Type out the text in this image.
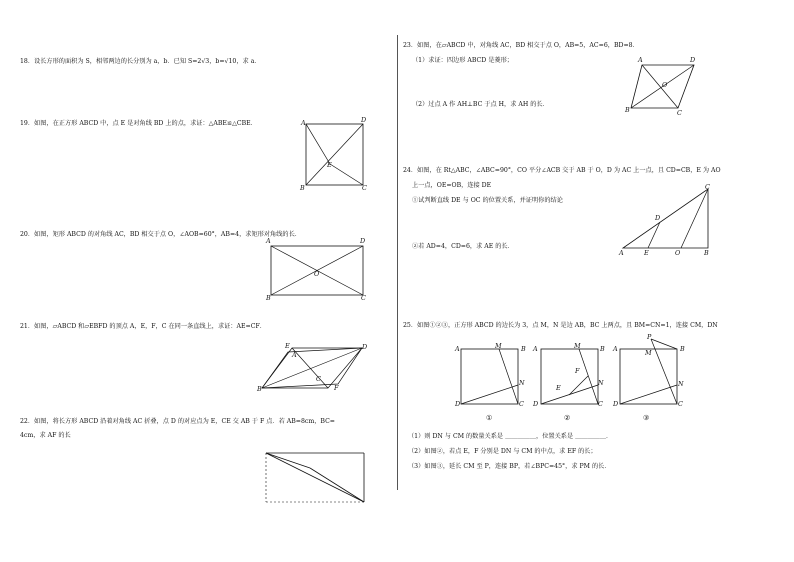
18．设长方形的面积为 S，相邻两边的长分别为 a，b．已知 S=2√3，b=√10，求 a．
19．如图，在正方形 ABCD 中，点 E 是对角线 BD 上的点，求证：△ABE≌△CBE．	A	D
B	C
E
20．如图，矩形 ABCD 的对角线 AC，BD 相交于点 O，∠AOB=60°，AB=4，求矩形对角线的长．
A	D
B	C
O
21．如图，▱ABCD 和▱EBFD 的顶点 A，E，F，C 在同一条直线上，求证：AE=CF．
E
A
D
B
C
F
22．如图，将长方形 ABCD 沿着对角线 AC 折叠，点 D 的对应点为 E，CE 交 AB 于 F 点．若 AB=8cm，BC=
4cm，求 AF 的长
23．如图，在▱ABCD 中，对角线 AC，BD 相交于点 O，AB=5，AC=6，BD=8．
（1）求证：四边形 ABCD 是菱形；
（2）过点 A 作 AH⊥BC 于点 H，求 AH 的长．
A	D
B	C
O
24．如图，在 Rt△ABC，∠ABC=90°，CO 平分∠ACB 交于 AB 于 O，D 为 AC 上一点，且 CD=CB，E 为 AO
上一点，OE=OB，连接 DE
①试判断直线 DE 与 OC 的位置关系，并证明你的结论
②若 AD=4，CD=6，求 AE 的长．
C
D
A	E	O	B
25．如图①②③，正方形 ABCD 的边长为 3，点 M，N 是边 AB，BC 上两点，且 BM=CN=1，连接 CM，DN
A	M	B
N
D	C
A	M	B
F
N
E
D	C
P
A	M	B
N
D	C
①	②	③
（1）则 DN 与 CM 的数量关系是 ＿＿＿＿＿，位置关系是 ＿＿＿＿＿．
（2）如图②，若点 E，F 分别是 DN 与 CM 的中点，求 EF 的长；
（3）如图③，延长 CM 至 P，连接 BP，若∠BPC=45°，求 PM 的长．
